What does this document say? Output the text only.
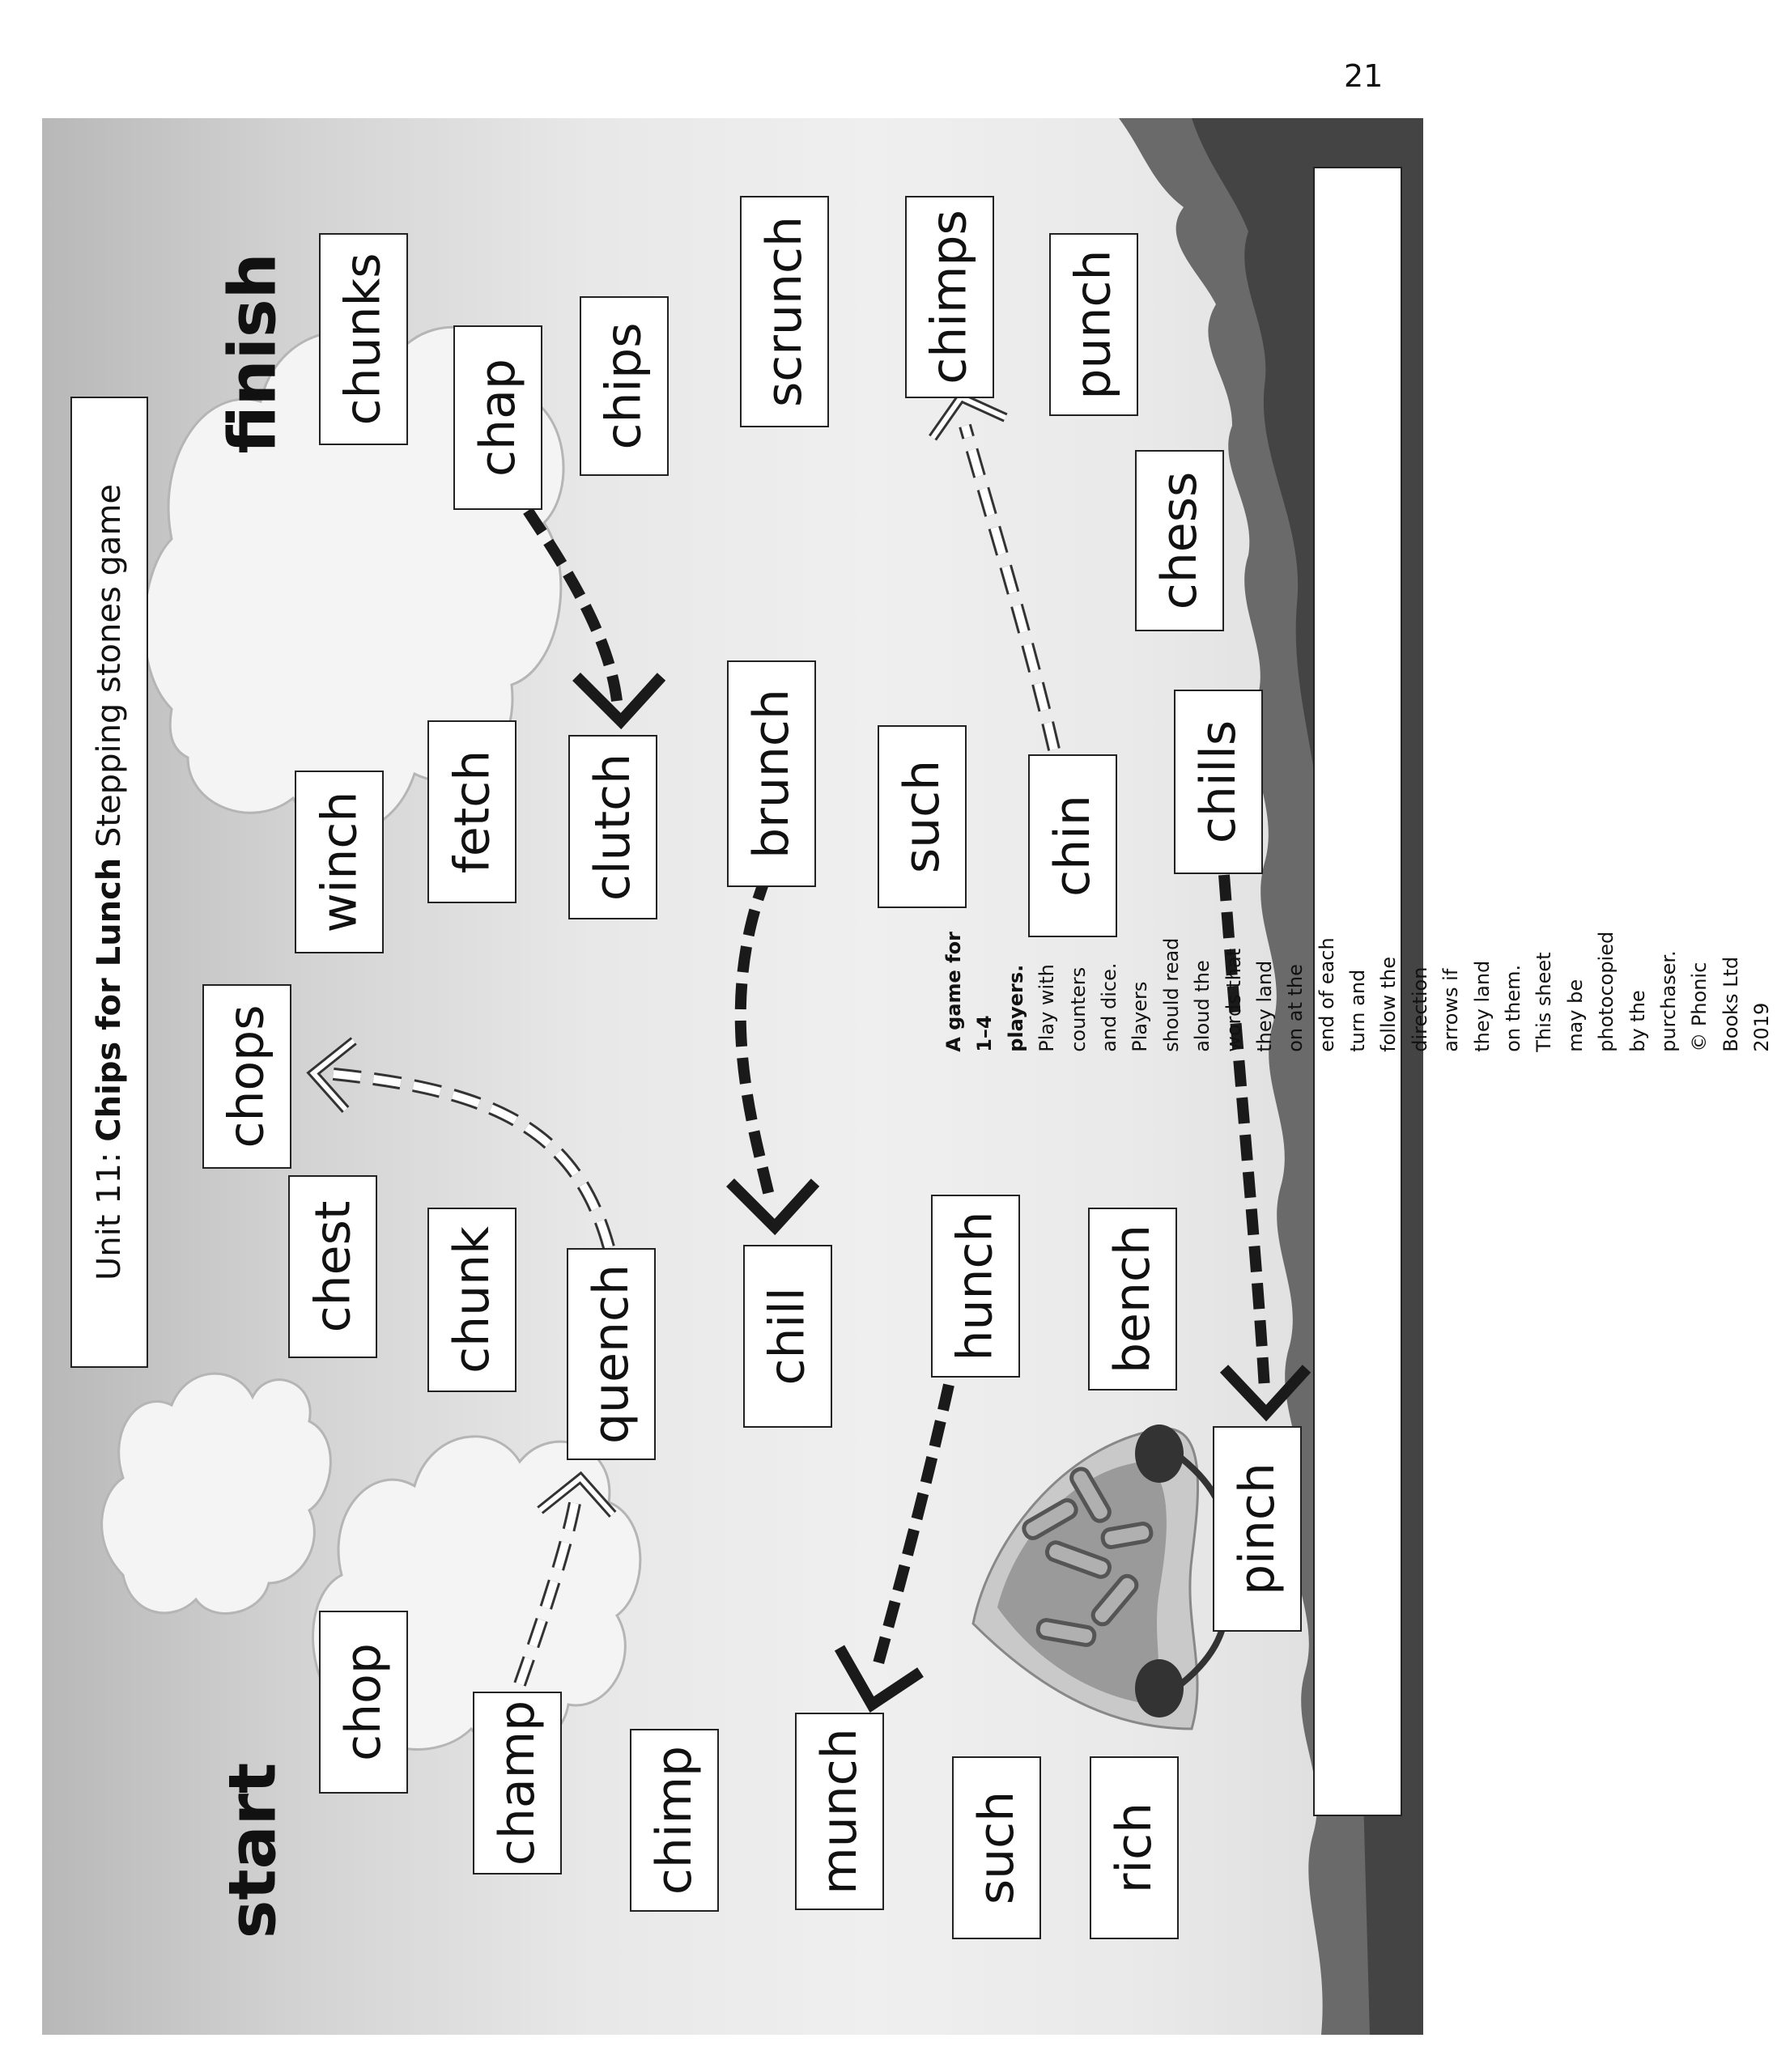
21
start
finish chunks chap chips scrunch chimps punch
chess
winch fetch clutch brunch such chin
chills
chops
chest chunk quench chill	hunch bench
chop champ chimp munch such rich
pinch
Unit 11: Chips for Lunch Stepping stones game
A game for 1–4 players. Play with counters and dice. Players should read aloud the words that they land on at the end of each turn and follow the direction arrows if they land on them. This sheet may be photocopied by the purchaser. © Phonic Books Ltd 2019
